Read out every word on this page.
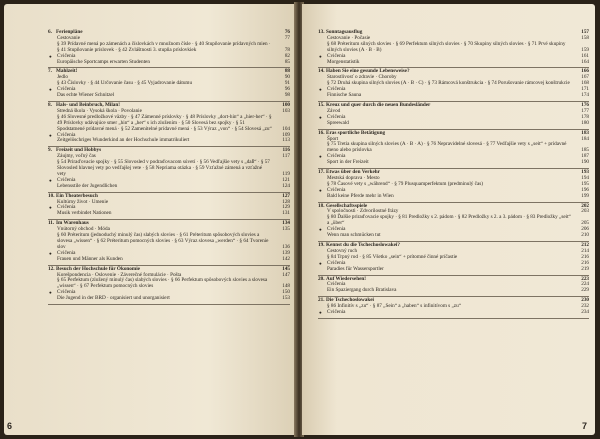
6. Ferienpläne	76
Cestovanie	77
§ 39 Prídavné mená po zámenách a číslovkách v množnom čísle · § 40 Stupňovanie prídavných mien · § 41 Stupňovanie príslovek · § 42 Zvláštnosti 3. stupňa príslovkiek	78
● Cvičenia	82
Europäische Sportcamps erwarten Studenten	85
7. Mahlzeit!	88
Jedlo	90
§ 43 Číslovky · § 44 Určovanie času · § 45 Vyjadrovanie dátumu	91
● Cvičenia	96
Das echte Wiener Schnitzel	98
8. Hals- und Beinbruch, Milan!	100
Stredná škola · Vysoká škola · Povolanie	103
§ 46 Slovesné predložkové väzby · § 47 Zámenné príslovky · § 48 Príslovky „dort-hin“ a „hier-her“ · § 49 Príslovky udávajúce smer „hin“ a „her“ s ich zložením · § 50 Slovesá bez spojky · § 51 Spodstatnené prídavné mená · § 52 Zamenitelné prídavné mená · § 53 Výraz „von“ · § 54 Slovesá „zu“	104
● Cvičenia	109
Zeitgelöschriges Wunderkind an der Hochschule immatrikuliert	113
9. Freizeit und Hobbys	116
Záujmy, voľný čas	117
§ 54 Prirad'ovacie spojky · § 55 Slovosled v podraďovacom súvetí · § 56 Vedľajšie vety s „daß“ · § 57 Slovosled hlavnej vety po vedľajšej vete · § 58 Nepriama otázka · § 59 Vzťažné zámená a vzťažné vety	119
● Cvičenia	121
Lebensstile der Jugendlichen	124
10. Ein Theaterbesuch	127
Kultúrny život · Umenie	128
● Cvičenia	129
Musik verbindet Nationen	131
11. Im Warenhaus	134
Vnútorný obchod · Móda	135
§ 60 Préteritum (jednoduchý minulý čas) slabých slovies · § 61 Préteritum spôsobových slovies a slovesa „wissen“ · § 62 Préteritum pomocných slovies · § 63 Výraz slovesa „werden“ · § 64 Tvorenie slov	136
● Cvičenia	139
Frauen und Männer als Kunden	142
12. Besuch der Hochschule für Ökonomie	145
Korešpondencia · Oslovenie · Záverečné formulácie · Pošta	147
§ 65 Perfektum (zložený minulý čas) slabých slovies · § 66 Perfektum spôsobových slovies a slovesa „wissen“ · § 67 Perfektum pomocných slovies	148
● Cvičenia	150
Die Jugend in der BRD · organisiert und unorganisiert	153
6
13. Sonntagsausflug	157
Cestovanie · Počasie	158
§ 68 Préteritum silných slovies · § 69 Perfektum silných slovies · § 70 Skupiny silných slovies · § 71 Prvé skupiny silných slovies (A · B · B)	159
● Cvičenia	161
Morgenstatistik	164
14. Haben Sie eine gesunde Lebensweise?	166
Starostlivosť o zdravie · Choroby	167
§ 72 Druhá skupina silných slovies (A · B · C) · § 73 Rámcová konštrukcia · § 74 Porušovanie rámcovej konštrukcie	168
● Cvičenia	171
Finnische Sauna	174
15. Kreuz und quer durch die neuen Bundesländer	176
Závod	177
● Cvičenia	178
Spreewald	180
16. Eras sportliche Betätigung	183
Šport	184
§ 75 Tretia skupina silných slovies (A · B · A) · § 76 Nepravidelné slovesá · § 77 Vedľajšie vety s „seit“ + prídavné meno alebo príslovka	185
● Cvičenia	187
Sport in der Freizeit	190
17. Etwas über den Verkehr	193
Mestská doprava · Mesto	194
§ 78 Časové vety s „während“ · § 79 Plusquamperfektum (predminulý čas)	195
● Cvičenia	196
Bald keine Pferde mehr in Wien	199
18. Gesellschaftsspiele	202
V spoločnosti · Zdvorilostné frázy	203
§ 80 Ďalšie prirad'ovacie spojky · § 81 Predložky s 2. pádom · § 82 Predložky s 2. a 3. pádom · § 83 Predložky „seit“ a „über“	205
● Cvičenia	206
Wenn man schmücken tut	210
19. Kennst du die Tschechoslowakei?	212
Cestovný ruch	214
§ 84 Trpný rod · § 85 Všetko „sein“ + prítomné činné príčastie	216
● Cvičenia	216
Paradies für Wassersportler	219
20. Auf Wiedersehen!	223
Cvičenia	224
Ein Spaziergang durch Bratislava	229
21. Die Tschechoslowakei	230
§ 86 Infinitív s „zu“ · § 87 „Sein“ a „haben“ s infinitívom s „zu“	232
● Cvičenia	234
7
